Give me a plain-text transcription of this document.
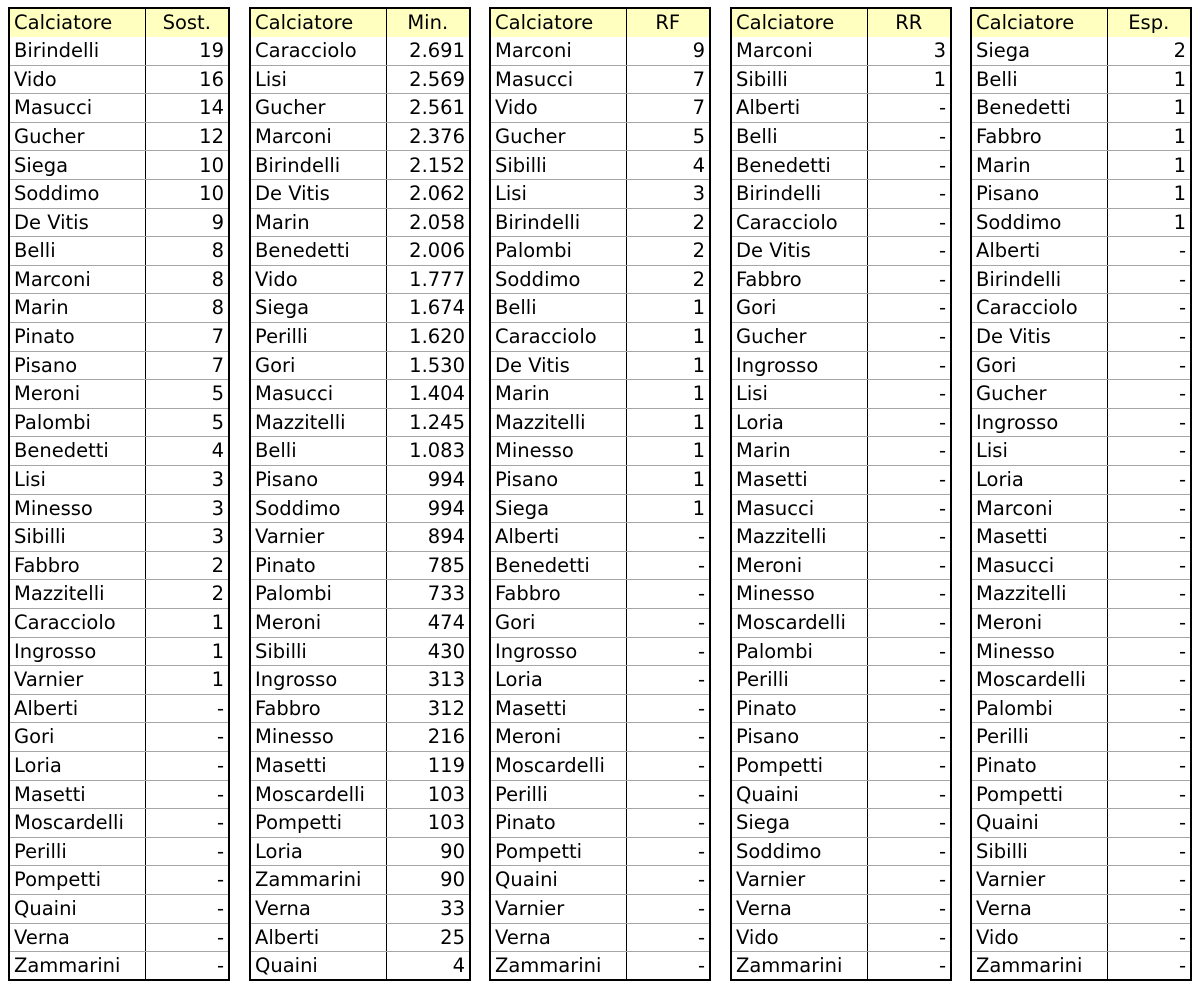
Calciatore	Sost.
Birindelli	19
Vido	16
Masucci	14
Gucher	12
Siega	10
Soddimo	10
De Vitis	9
Belli	8
Marconi	8
Marin	8
Pinato	7
Pisano	7
Meroni	5
Palombi	5
Benedetti	4
Lisi	3
Minesso	3
Sibilli	3
Fabbro	2
Mazzitelli	2
Caracciolo	1
Ingrosso	1
Varnier	1
Alberti	-
Gori	-
Loria	-
Masetti	-
Moscardelli	-
Perilli	-
Pompetti	-
Quaini	-
Verna	-
Zammarini	-
Calciatore	Min.
Caracciolo	2.691
Lisi	2.569
Gucher	2.561
Marconi	2.376
Birindelli	2.152
De Vitis	2.062
Marin	2.058
Benedetti	2.006
Vido	1.777
Siega	1.674
Perilli	1.620
Gori	1.530
Masucci	1.404
Mazzitelli	1.245
Belli	1.083
Pisano	994
Soddimo	994
Varnier	894
Pinato	785
Palombi	733
Meroni	474
Sibilli	430
Ingrosso	313
Fabbro	312
Minesso	216
Masetti	119
Moscardelli	103
Pompetti	103
Loria	90
Zammarini	90
Verna	33
Alberti	25
Quaini	4
Calciatore	RF
Marconi	9
Masucci	7
Vido	7
Gucher	5
Sibilli	4
Lisi	3
Birindelli	2
Palombi	2
Soddimo	2
Belli	1
Caracciolo	1
De Vitis	1
Marin	1
Mazzitelli	1
Minesso	1
Pisano	1
Siega	1
Alberti	-
Benedetti	-
Fabbro	-
Gori	-
Ingrosso	-
Loria	-
Masetti	-
Meroni	-
Moscardelli	-
Perilli	-
Pinato	-
Pompetti	-
Quaini	-
Varnier	-
Verna	-
Zammarini	-
Calciatore	RR
Marconi	3
Sibilli	1
Alberti	-
Belli	-
Benedetti	-
Birindelli	-
Caracciolo	-
De Vitis	-
Fabbro	-
Gori	-
Gucher	-
Ingrosso	-
Lisi	-
Loria	-
Marin	-
Masetti	-
Masucci	-
Mazzitelli	-
Meroni	-
Minesso	-
Moscardelli	-
Palombi	-
Perilli	-
Pinato	-
Pisano	-
Pompetti	-
Quaini	-
Siega	-
Soddimo	-
Varnier	-
Verna	-
Vido	-
Zammarini	-
Calciatore	Esp.
Siega	2
Belli	1
Benedetti	1
Fabbro	1
Marin	1
Pisano	1
Soddimo	1
Alberti	-
Birindelli	-
Caracciolo	-
De Vitis	-
Gori	-
Gucher	-
Ingrosso	-
Lisi	-
Loria	-
Marconi	-
Masetti	-
Masucci	-
Mazzitelli	-
Meroni	-
Minesso	-
Moscardelli	-
Palombi	-
Perilli	-
Pinato	-
Pompetti	-
Quaini	-
Sibilli	-
Varnier	-
Verna	-
Vido	-
Zammarini	-
